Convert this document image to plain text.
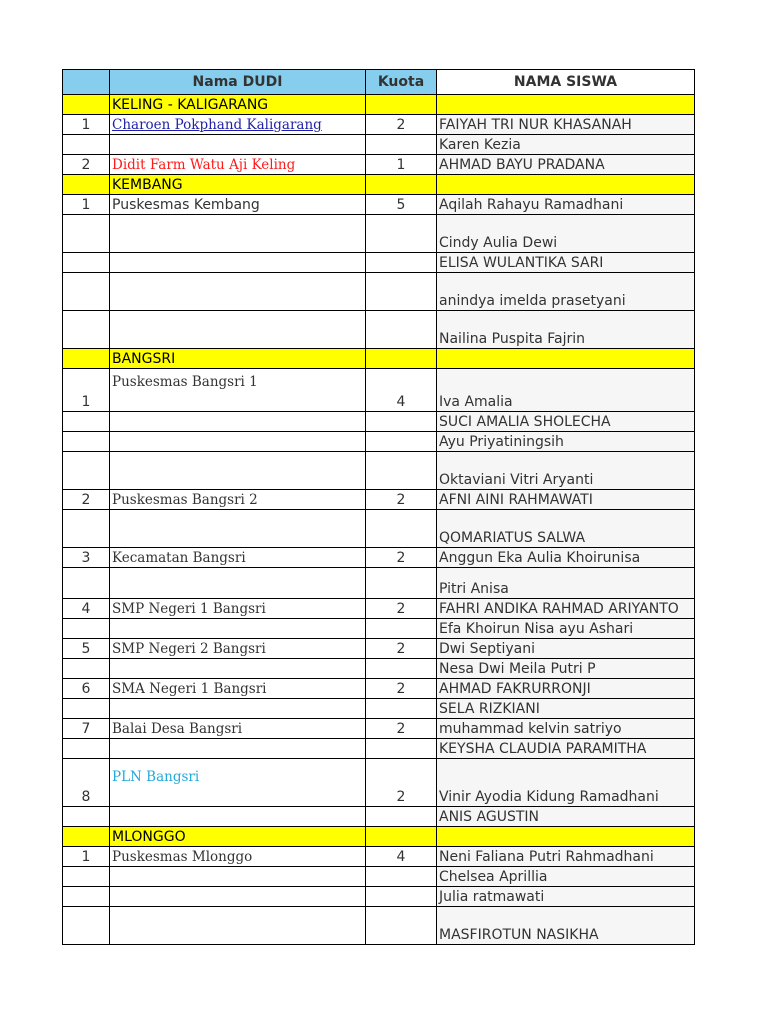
	Nama DUDI	Kuota	NAMA SISWA
	KELING - KALIGARANG		
1	Charoen Pokphand Kaligarang	2	FAIYAH TRI NUR KHASANAH
			Karen Kezia
2	Didit Farm Watu Aji Keling	1	AHMAD BAYU PRADANA
	KEMBANG		
1	Puskesmas Kembang	5	Aqilah Rahayu Ramadhani
			Cindy Aulia Dewi
			ELISA WULANTIKA SARI
			anindya imelda prasetyani
			Nailina Puspita Fajrin
	BANGSRI		
1	Puskesmas Bangsri 1	4	Iva Amalia
			SUCI AMALIA SHOLECHA
			Ayu Priyatiningsih
			Oktaviani Vitri Aryanti
2	Puskesmas Bangsri 2	2	AFNI AINI RAHMAWATI
			QOMARIATUS SALWA
3	Kecamatan Bangsri	2	Anggun Eka Aulia Khoirunisa
			Pitri Anisa
4	SMP Negeri 1 Bangsri	2	FAHRI ANDIKA RAHMAD ARIYANTO
			Efa Khoirun Nisa ayu Ashari
5	SMP Negeri 2 Bangsri	2	Dwi Septiyani
			Nesa Dwi Meila Putri P
6	SMA Negeri 1 Bangsri	2	AHMAD FAKRURRONJI
			SELA RIZKIANI
7	Balai Desa Bangsri	2	muhammad kelvin satriyo
			KEYSHA CLAUDIA PARAMITHA
8	PLN Bangsri	2	Vinir Ayodia Kidung Ramadhani
			ANIS AGUSTIN
	MLONGGO		
1	Puskesmas Mlonggo	4	Neni Faliana Putri Rahmadhani
			Chelsea Aprillia
			Julia ratmawati
			MASFIROTUN NASIKHA
